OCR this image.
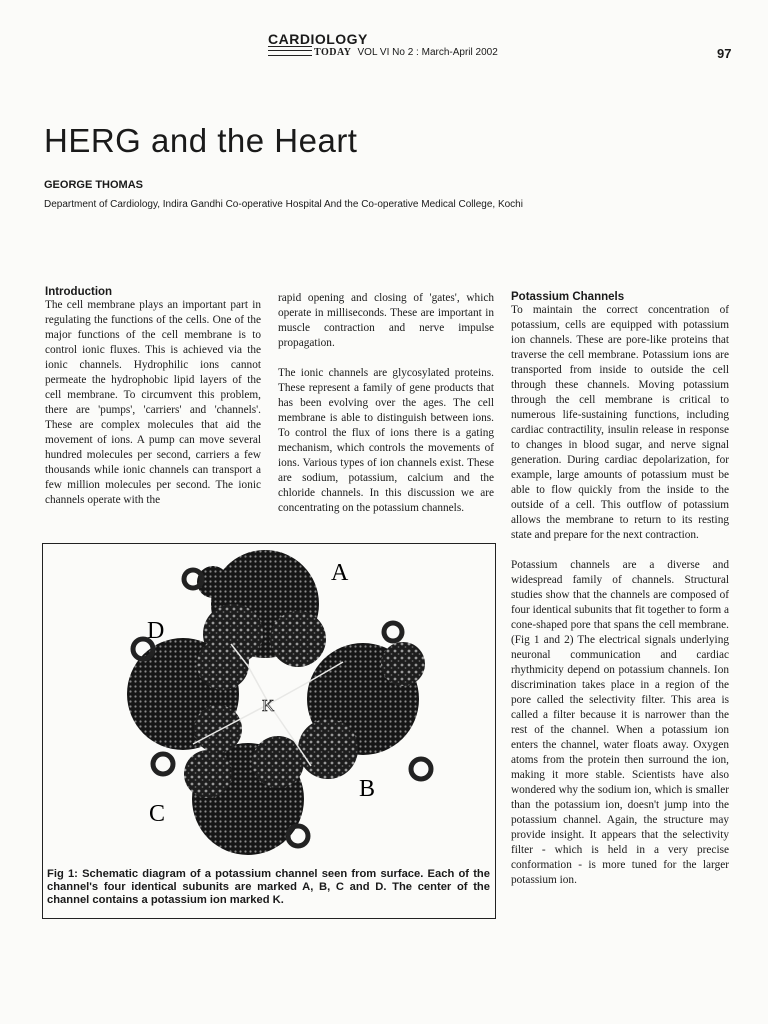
CARDIOLOGY
TODAY VOL VI No 2 : March-April 2002	97
HERG and the Heart
GEORGE THOMAS
Department of Cardiology, Indira Gandhi Co-operative Hospital And the Co-operative Medical College, Kochi
Introduction

The cell membrane plays an important part in regulating the functions of the cells. One of the major functions of the cell membrane is to control ionic fluxes. This is achieved via the ionic channels. Hydrophilic ions cannot permeate the hydrophobic lipid layers of the cell membrane. To circumvent this problem, there are 'pumps', 'carriers' and 'channels'. These are complex molecules that aid the movement of ions. A pump can move several hundred molecules per second, carriers a few thousands while ionic channels can transport a few million molecules per second. The ionic channels operate with the

rapid opening and closing of 'gates', which operate in milliseconds. These are important in muscle contraction and nerve impulse propagation.

The ionic channels are glycosylated proteins. These represent a family of gene products that has been evolving over the ages. The cell membrane is able to distinguish between ions. To control the flux of ions there is a gating mechanism, which controls the movements of ions. Various types of ion channels exist. These are sodium, potassium, calcium and the chloride channels. In this discussion we are concentrating on the potassium channels.

Potassium Channels

To maintain the correct concentration of potassium, cells are equipped with potassium ion channels. These are pore-like proteins that traverse the cell membrane. Potassium ions are transported from inside to outside the cell through these channels. Moving potassium through the cell membrane is critical to numerous life-sustaining functions, including cardiac contractility, insulin release in response to changes in blood sugar, and nerve signal generation. During cardiac depolarization, for example, large amounts of potassium must be able to flow quickly from the inside to the outside of a cell. This outflow of potassium allows the membrane to return to its resting state and prepare for the next contraction.

Potassium channels are a diverse and widespread family of channels. Structural studies show that the channels are composed of four identical subunits that fit together to form a cone-shaped pore that spans the cell membrane. (Fig 1 and 2) The electrical signals underlying neuronal communication and cardiac rhythmicity depend on potassium channels. Ion discrimination takes place in a region of the pore called the selectivity filter. This area is called a filter because it is narrower than the rest of the channel. When a potassium ion enters the channel, water floats away. Oxygen atoms from the protein then surround the ion, making it more stable. Scientists have also wondered why the sodium ion, which is smaller than the potassium ion, doesn't jump into the potassium channel. Again, the structure may provide insight. It appears that the selectivity filter - which is held in a very precise conformation - is more tuned for the larger potassium ion.

A
B
C
D
K
Fig 1: Schematic diagram of a potassium channel seen from surface. Each of the channel's four identical subunits are marked A, B, C and D. The center of the channel contains a potassium ion marked K.
